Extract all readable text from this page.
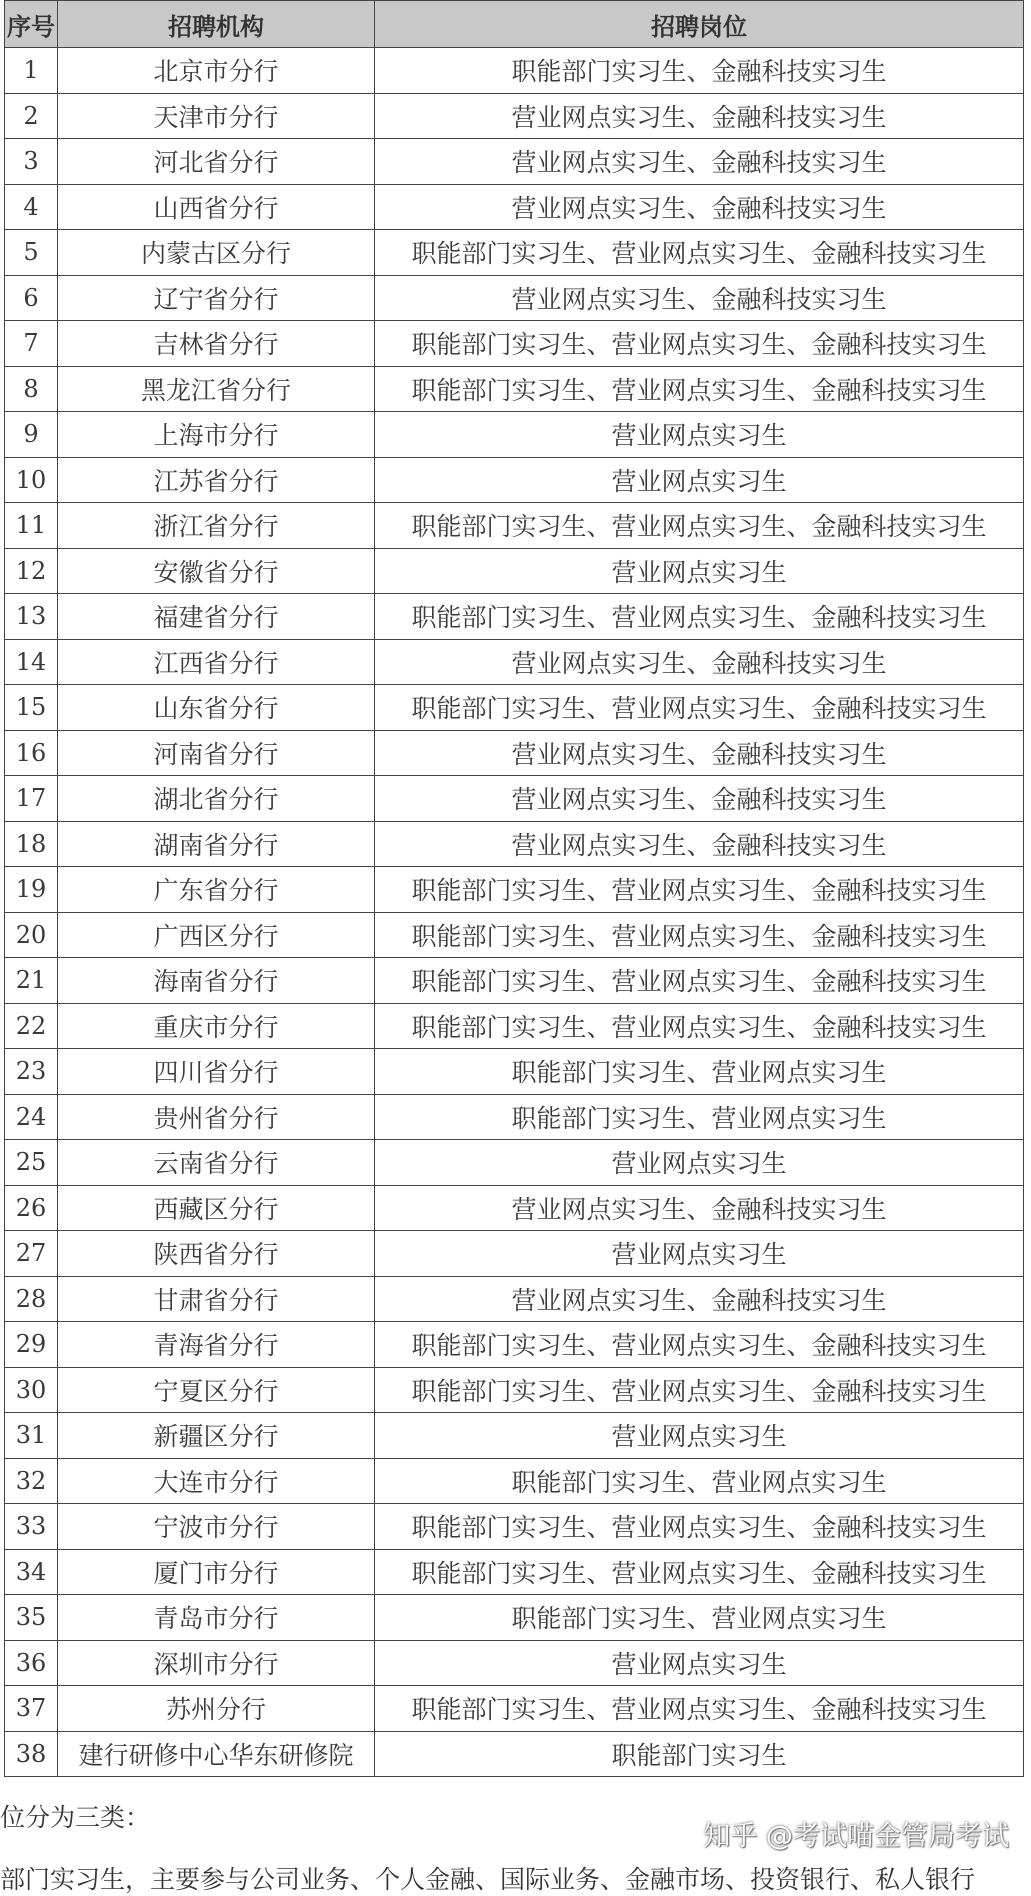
序号	招聘机构	招聘岗位
1	北京市分行	职能部门实习生、金融科技实习生
2	天津市分行	营业网点实习生、金融科技实习生
3	河北省分行	营业网点实习生、金融科技实习生
4	山西省分行	营业网点实习生、金融科技实习生
5	内蒙古区分行	职能部门实习生、营业网点实习生、金融科技实习生
6	辽宁省分行	营业网点实习生、金融科技实习生
7	吉林省分行	职能部门实习生、营业网点实习生、金融科技实习生
8	黑龙江省分行	职能部门实习生、营业网点实习生、金融科技实习生
9	上海市分行	营业网点实习生
10	江苏省分行	营业网点实习生
11	浙江省分行	职能部门实习生、营业网点实习生、金融科技实习生
12	安徽省分行	营业网点实习生
13	福建省分行	职能部门实习生、营业网点实习生、金融科技实习生
14	江西省分行	营业网点实习生、金融科技实习生
15	山东省分行	职能部门实习生、营业网点实习生、金融科技实习生
16	河南省分行	营业网点实习生、金融科技实习生
17	湖北省分行	营业网点实习生、金融科技实习生
18	湖南省分行	营业网点实习生、金融科技实习生
19	广东省分行	职能部门实习生、营业网点实习生、金融科技实习生
20	广西区分行	职能部门实习生、营业网点实习生、金融科技实习生
21	海南省分行	职能部门实习生、营业网点实习生、金融科技实习生
22	重庆市分行	职能部门实习生、营业网点实习生、金融科技实习生
23	四川省分行	职能部门实习生、营业网点实习生
24	贵州省分行	职能部门实习生、营业网点实习生
25	云南省分行	营业网点实习生
26	西藏区分行	营业网点实习生、金融科技实习生
27	陕西省分行	营业网点实习生
28	甘肃省分行	营业网点实习生、金融科技实习生
29	青海省分行	职能部门实习生、营业网点实习生、金融科技实习生
30	宁夏区分行	职能部门实习生、营业网点实习生、金融科技实习生
31	新疆区分行	营业网点实习生
32	大连市分行	职能部门实习生、营业网点实习生
33	宁波市分行	职能部门实习生、营业网点实习生、金融科技实习生
34	厦门市分行	职能部门实习生、营业网点实习生、金融科技实习生
35	青岛市分行	职能部门实习生、营业网点实习生
36	深圳市分行	营业网点实习生
37	苏州分行	职能部门实习生、营业网点实习生、金融科技实习生
38	建行研修中心华东研修院	职能部门实习生
位分为三类：
知乎 @考试喵金管局考试
部门实习生，主要参与公司业务、个人金融、国际业务、金融市场、投资银行、私人银行
